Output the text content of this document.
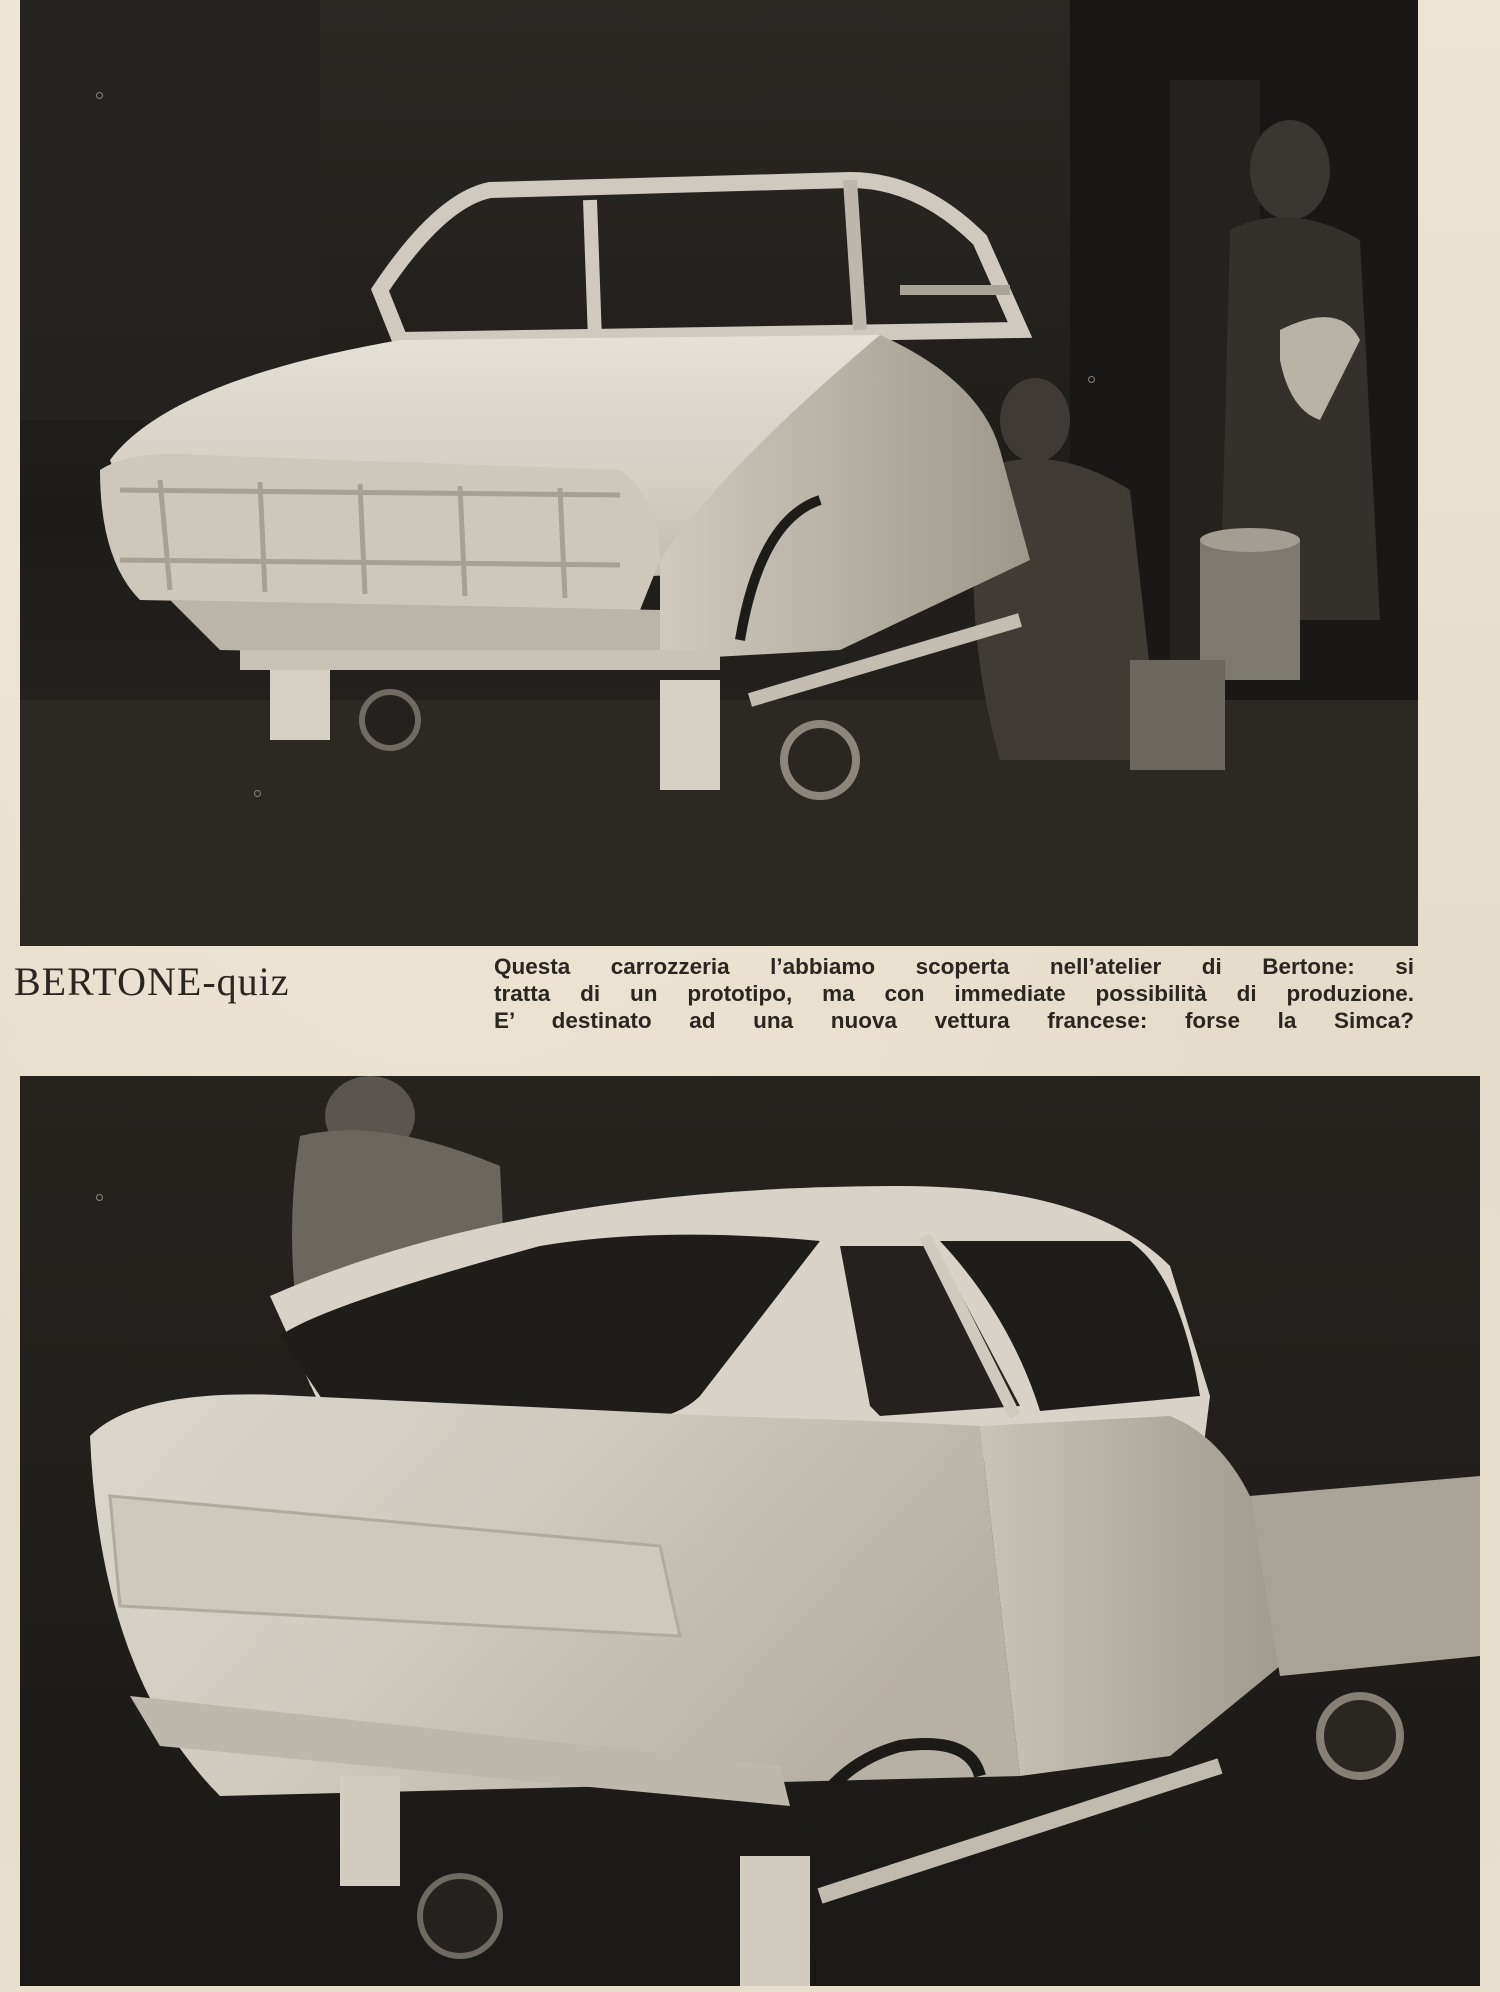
BERTONE-quiz	Questa carrozzeria l’abbiamo scoperta nell’atelier di Bertone: si
tratta di un prototipo, ma con immediate possibilità di produzione.
E’ destinato ad una nuova vettura francese: forse la Simca?
